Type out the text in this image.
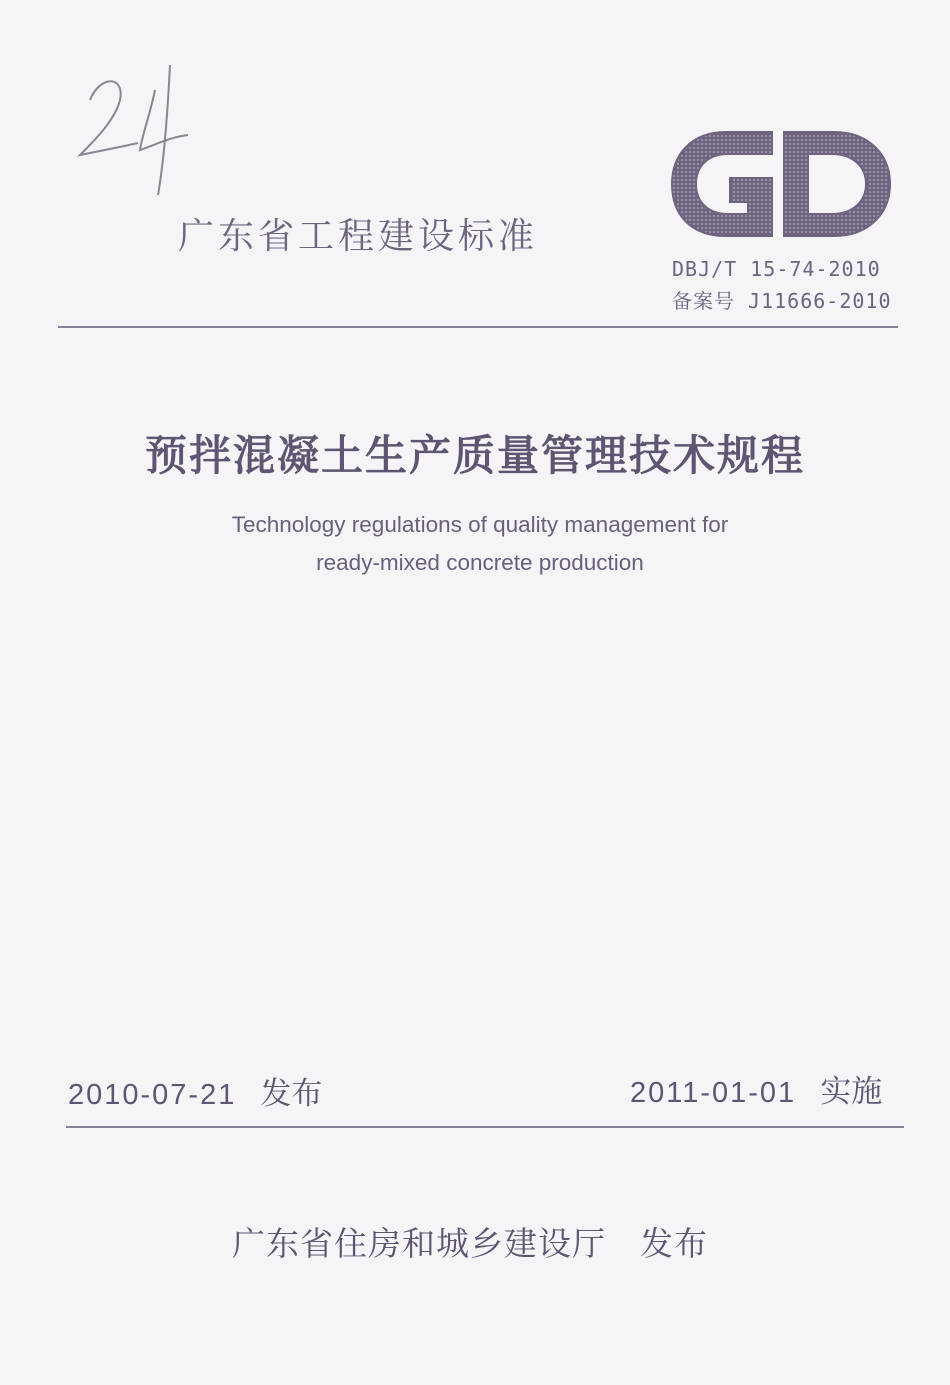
广东省工程建设标准
DBJ/T 15-74-2010
备案号 J11666-2010
预拌混凝土生产质量管理技术规程
Technology regulations of quality management for
ready-mixed concrete production
2010-07-21 发布	2011-01-01 实施
广东省住房和城乡建设厅 发布
